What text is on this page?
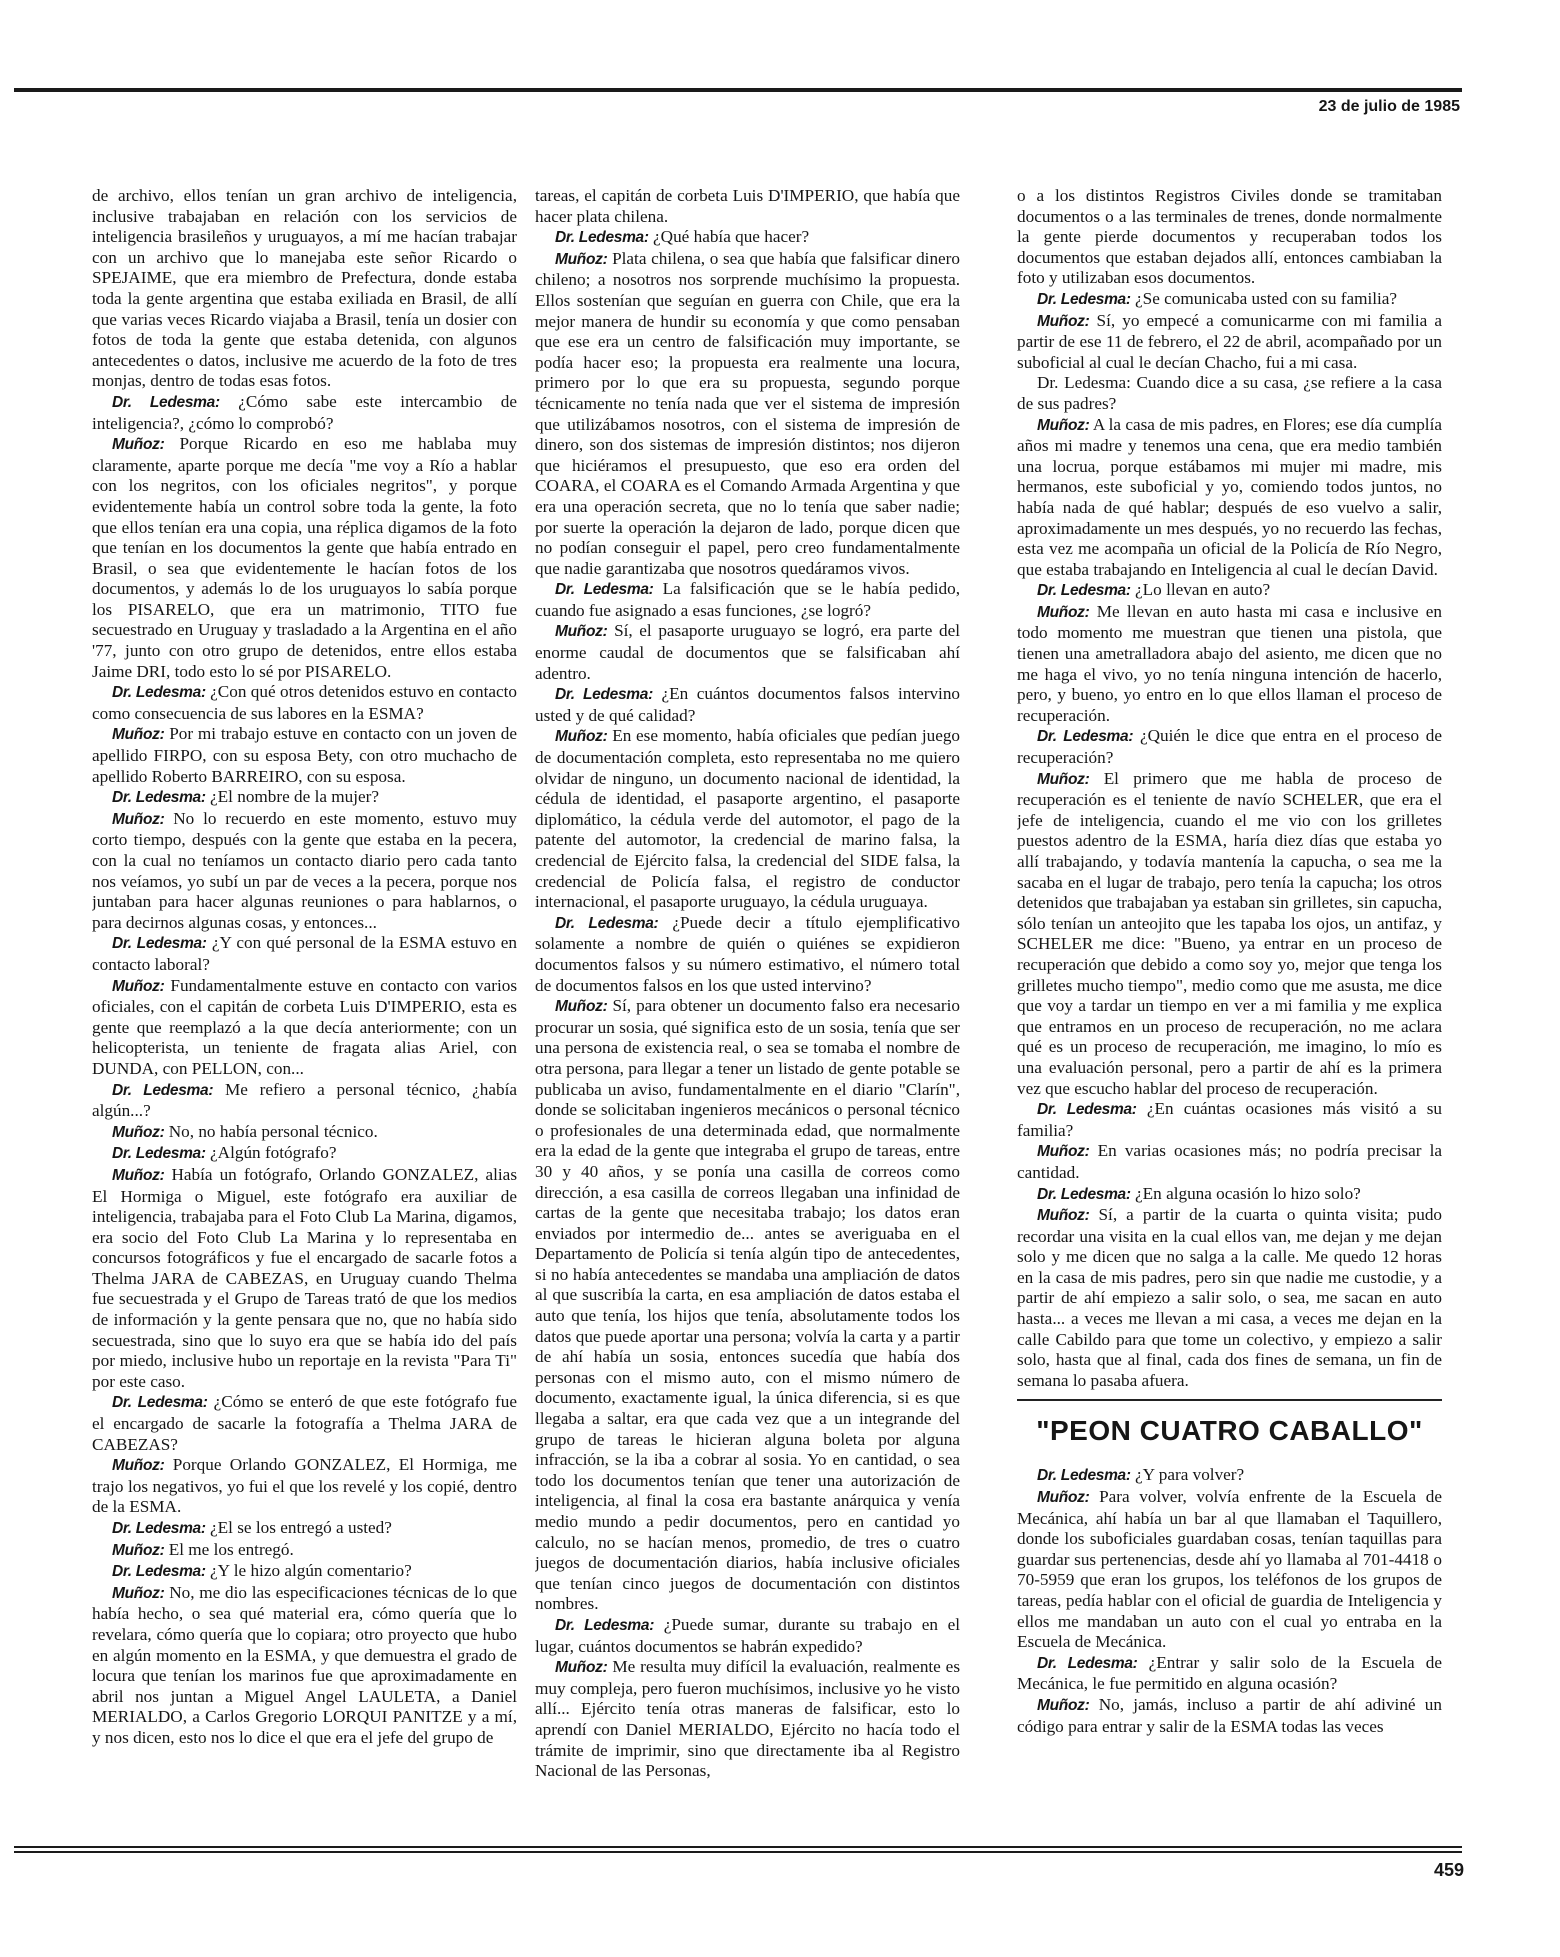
23 de julio de 1985

de archivo, ellos tenían un gran archivo de inteligencia, inclusive trabajaban en relación con los servicios de inteligencia brasileños y uruguayos, a mí me hacían trabajar con un archivo que lo manejaba este señor Ricardo o SPEJAIME, que era miembro de Prefectura, donde estaba toda la gente argentina que estaba exiliada en Brasil, de allí que varias veces Ricardo viajaba a Brasil, tenía un dosier con fotos de toda la gente que estaba detenida, con algunos antecedentes o datos, inclusive me acuerdo de la foto de tres monjas, dentro de todas esas fotos.

Dr. Ledesma: ¿Cómo sabe este intercambio de inteligencia?, ¿cómo lo comprobó?

Muñoz: Porque Ricardo en eso me hablaba muy claramente, aparte porque me decía "me voy a Río a hablar con los negritos, con los oficiales negritos", y porque evidentemente había un control sobre toda la gente, la foto que ellos tenían era una copia, una réplica digamos de la foto que tenían en los documentos la gente que había entrado en Brasil, o sea que evidentemente le hacían fotos de los documentos, y además lo de los uruguayos lo sabía porque los PISARELO, que era un matrimonio, TITO fue secuestrado en Uruguay y trasladado a la Argentina en el año '77, junto con otro grupo de detenidos, entre ellos estaba Jaime DRI, todo esto lo sé por PISARELO.

Dr. Ledesma: ¿Con qué otros detenidos estuvo en contacto como consecuencia de sus labores en la ESMA?

Muñoz: Por mi trabajo estuve en contacto con un joven de apellido FIRPO, con su esposa Bety, con otro muchacho de apellido Roberto BARREIRO, con su esposa.

Dr. Ledesma: ¿El nombre de la mujer?

Muñoz: No lo recuerdo en este momento, estuvo muy corto tiempo, después con la gente que estaba en la pecera, con la cual no teníamos un contacto diario pero cada tanto nos veíamos, yo subí un par de veces a la pecera, porque nos juntaban para hacer algunas reuniones o para hablarnos, o para decirnos algunas cosas, y entonces...

Dr. Ledesma: ¿Y con qué personal de la ESMA estuvo en contacto laboral?

Muñoz: Fundamentalmente estuve en contacto con varios oficiales, con el capitán de corbeta Luis D'IMPERIO, esta es gente que reemplazó a la que decía anteriormente; con un helicopterista, un teniente de fragata alias Ariel, con DUNDA, con PELLON, con...

Dr. Ledesma: Me refiero a personal técnico, ¿había algún...?

Muñoz: No, no había personal técnico.

Dr. Ledesma: ¿Algún fotógrafo?

Muñoz: Había un fotógrafo, Orlando GONZALEZ, alias El Hormiga o Miguel, este fotógrafo era auxiliar de inteligencia, trabajaba para el Foto Club La Marina, digamos, era socio del Foto Club La Marina y lo representaba en concursos fotográficos y fue el encargado de sacarle fotos a Thelma JARA de CABEZAS, en Uruguay cuando Thelma fue secuestrada y el Grupo de Tareas trató de que los medios de información y la gente pensara que no, que no había sido secuestrada, sino que lo suyo era que se había ido del país por miedo, inclusive hubo un reportaje en la revista "Para Ti" por este caso.

Dr. Ledesma: ¿Cómo se enteró de que este fotógrafo fue el encargado de sacarle la fotografía a Thelma JARA de CABEZAS?

Muñoz: Porque Orlando GONZALEZ, El Hormiga, me trajo los negativos, yo fui el que los revelé y los copié, dentro de la ESMA.

Dr. Ledesma: ¿El se los entregó a usted?

Muñoz: El me los entregó.

Dr. Ledesma: ¿Y le hizo algún comentario?

Muñoz: No, me dio las especificaciones técnicas de lo que había hecho, o sea qué material era, cómo quería que lo revelara, cómo quería que lo copiara; otro proyecto que hubo en algún momento en la ESMA, y que demuestra el grado de locura que tenían los marinos fue que aproximadamente en abril nos juntan a Miguel Angel LAULETA, a Daniel MERIALDO, a Carlos Gregorio LORQUI PANITZE y a mí, y nos dicen, esto nos lo dice el que era el jefe del grupo de

tareas, el capitán de corbeta Luis D'IMPERIO, que había que hacer plata chilena.

Dr. Ledesma: ¿Qué había que hacer?

Muñoz: Plata chilena, o sea que había que falsificar dinero chileno; a nosotros nos sorprende muchísimo la propuesta. Ellos sostenían que seguían en guerra con Chile, que era la mejor manera de hundir su economía y que como pensaban que ese era un centro de falsificación muy importante, se podía hacer eso; la propuesta era realmente una locura, primero por lo que era su propuesta, segundo porque técnicamente no tenía nada que ver el sistema de impresión que utilizábamos nosotros, con el sistema de impresión de dinero, son dos sistemas de impresión distintos; nos dijeron que hiciéramos el presupuesto, que eso era orden del COARA, el COARA es el Comando Armada Argentina y que era una operación secreta, que no lo tenía que saber nadie; por suerte la operación la dejaron de lado, porque dicen que no podían conseguir el papel, pero creo fundamentalmente que nadie garantizaba que nosotros quedáramos vivos.

Dr. Ledesma: La falsificación que se le había pedido, cuando fue asignado a esas funciones, ¿se logró?

Muñoz: Sí, el pasaporte uruguayo se logró, era parte del enorme caudal de documentos que se falsificaban ahí adentro.

Dr. Ledesma: ¿En cuántos documentos falsos intervino usted y de qué calidad?

Muñoz: En ese momento, había oficiales que pedían juego de documentación completa, esto representaba no me quiero olvidar de ninguno, un documento nacional de identidad, la cédula de identidad, el pasaporte argentino, el pasaporte diplomático, la cédula verde del automotor, el pago de la patente del automotor, la credencial de marino falsa, la credencial de Ejército falsa, la credencial del SIDE falsa, la credencial de Policía falsa, el registro de conductor internacional, el pasaporte uruguayo, la cédula uruguaya.

Dr. Ledesma: ¿Puede decir a título ejemplificativo solamente a nombre de quién o quiénes se expidieron documentos falsos y su número estimativo, el número total de documentos falsos en los que usted intervino?

Muñoz: Sí, para obtener un documento falso era necesario procurar un sosia, qué significa esto de un sosia, tenía que ser una persona de existencia real, o sea se tomaba el nombre de otra persona, para llegar a tener un listado de gente potable se publicaba un aviso, fundamentalmente en el diario "Clarín", donde se solicitaban ingenieros mecánicos o personal técnico o profesionales de una determinada edad, que normalmente era la edad de la gente que integraba el grupo de tareas, entre 30 y 40 años, y se ponía una casilla de correos como dirección, a esa casilla de correos llegaban una infinidad de cartas de la gente que necesitaba trabajo; los datos eran enviados por intermedio de... antes se averiguaba en el Departamento de Policía si tenía algún tipo de antecedentes, si no había antecedentes se mandaba una ampliación de datos al que suscribía la carta, en esa ampliación de datos estaba el auto que tenía, los hijos que tenía, absolutamente todos los datos que puede aportar una persona; volvía la carta y a partir de ahí había un sosia, entonces sucedía que había dos personas con el mismo auto, con el mismo número de documento, exactamente igual, la única diferencia, si es que llegaba a saltar, era que cada vez que a un integrande del grupo de tareas le hicieran alguna boleta por alguna infracción, se la iba a cobrar al sosia. Yo en cantidad, o sea todo los documentos tenían que tener una autorización de inteligencia, al final la cosa era bastante anárquica y venía medio mundo a pedir documentos, pero en cantidad yo calculo, no se hacían menos, promedio, de tres o cuatro juegos de documentación diarios, había inclusive oficiales que tenían cinco juegos de documentación con distintos nombres.

Dr. Ledesma: ¿Puede sumar, durante su trabajo en el lugar, cuántos documentos se habrán expedido?

Muñoz: Me resulta muy difícil la evaluación, realmente es muy compleja, pero fueron muchísimos, inclusive yo he visto allí... Ejército tenía otras maneras de falsificar, esto lo aprendí con Daniel MERIALDO, Ejército no hacía todo el trámite de imprimir, sino que directamente iba al Registro Nacional de las Personas,

o a los distintos Registros Civiles donde se tramitaban documentos o a las terminales de trenes, donde normalmente la gente pierde documentos y recuperaban todos los documentos que estaban dejados allí, entonces cambiaban la foto y utilizaban esos documentos.

Dr. Ledesma: ¿Se comunicaba usted con su familia?

Muñoz: Sí, yo empecé a comunicarme con mi familia a partir de ese 11 de febrero, el 22 de abril, acompañado por un suboficial al cual le decían Chacho, fui a mi casa.

Dr. Ledesma: Cuando dice a su casa, ¿se refiere a la casa de sus padres?

Muñoz: A la casa de mis padres, en Flores; ese día cumplía años mi madre y tenemos una cena, que era medio también una locrua, porque estábamos mi mujer mi madre, mis hermanos, este suboficial y yo, comiendo todos juntos, no había nada de qué hablar; después de eso vuelvo a salir, aproximadamente un mes después, yo no recuerdo las fechas, esta vez me acompaña un oficial de la Policía de Río Negro, que estaba trabajando en Inteligencia al cual le decían David.

Dr. Ledesma: ¿Lo llevan en auto?

Muñoz: Me llevan en auto hasta mi casa e inclusive en todo momento me muestran que tienen una pistola, que tienen una ametralladora abajo del asiento, me dicen que no me haga el vivo, yo no tenía ninguna intención de hacerlo, pero, y bueno, yo entro en lo que ellos llaman el proceso de recuperación.

Dr. Ledesma: ¿Quién le dice que entra en el proceso de recuperación?

Muñoz: El primero que me habla de proceso de recuperación es el teniente de navío SCHELER, que era el jefe de inteligencia, cuando el me vio con los grilletes puestos adentro de la ESMA, haría diez días que estaba yo allí trabajando, y todavía mantenía la capucha, o sea me la sacaba en el lugar de trabajo, pero tenía la capucha; los otros detenidos que trabajaban ya estaban sin grilletes, sin capucha, sólo tenían un anteojito que les tapaba los ojos, un antifaz, y SCHELER me dice: "Bueno, ya entrar en un proceso de recuperación que debido a como soy yo, mejor que tenga los grilletes mucho tiempo", medio como que me asusta, me dice que voy a tardar un tiempo en ver a mi familia y me explica que entramos en un proceso de recuperación, no me aclara qué es un proceso de recuperación, me imagino, lo mío es una evaluación personal, pero a partir de ahí es la primera vez que escucho hablar del proceso de recuperación.

Dr. Ledesma: ¿En cuántas ocasiones más visitó a su familia?

Muñoz: En varias ocasiones más; no podría precisar la cantidad.

Dr. Ledesma: ¿En alguna ocasión lo hizo solo?

Muñoz: Sí, a partir de la cuarta o quinta visita; pudo recordar una visita en la cual ellos van, me dejan y me dejan solo y me dicen que no salga a la calle. Me quedo 12 horas en la casa de mis padres, pero sin que nadie me custodie, y a partir de ahí empiezo a salir solo, o sea, me sacan en auto hasta... a veces me llevan a mi casa, a veces me dejan en la calle Cabildo para que tome un colectivo, y empiezo a salir solo, hasta que al final, cada dos fines de semana, un fin de semana lo pasaba afuera.

"PEON CUATRO CABALLO"

Dr. Ledesma: ¿Y para volver?

Muñoz: Para volver, volvía enfrente de la Escuela de Mecánica, ahí había un bar al que llamaban el Taquillero, donde los suboficiales guardaban cosas, tenían taquillas para guardar sus pertenencias, desde ahí yo llamaba al 701-4418 o 70-5959 que eran los grupos, los teléfonos de los grupos de tareas, pedía hablar con el oficial de guardia de Inteligencia y ellos me mandaban un auto con el cual yo entraba en la Escuela de Mecánica.

Dr. Ledesma: ¿Entrar y salir solo de la Escuela de Mecánica, le fue permitido en alguna ocasión?

Muñoz: No, jamás, incluso a partir de ahí adiviné un código para entrar y salir de la ESMA todas las veces

459
